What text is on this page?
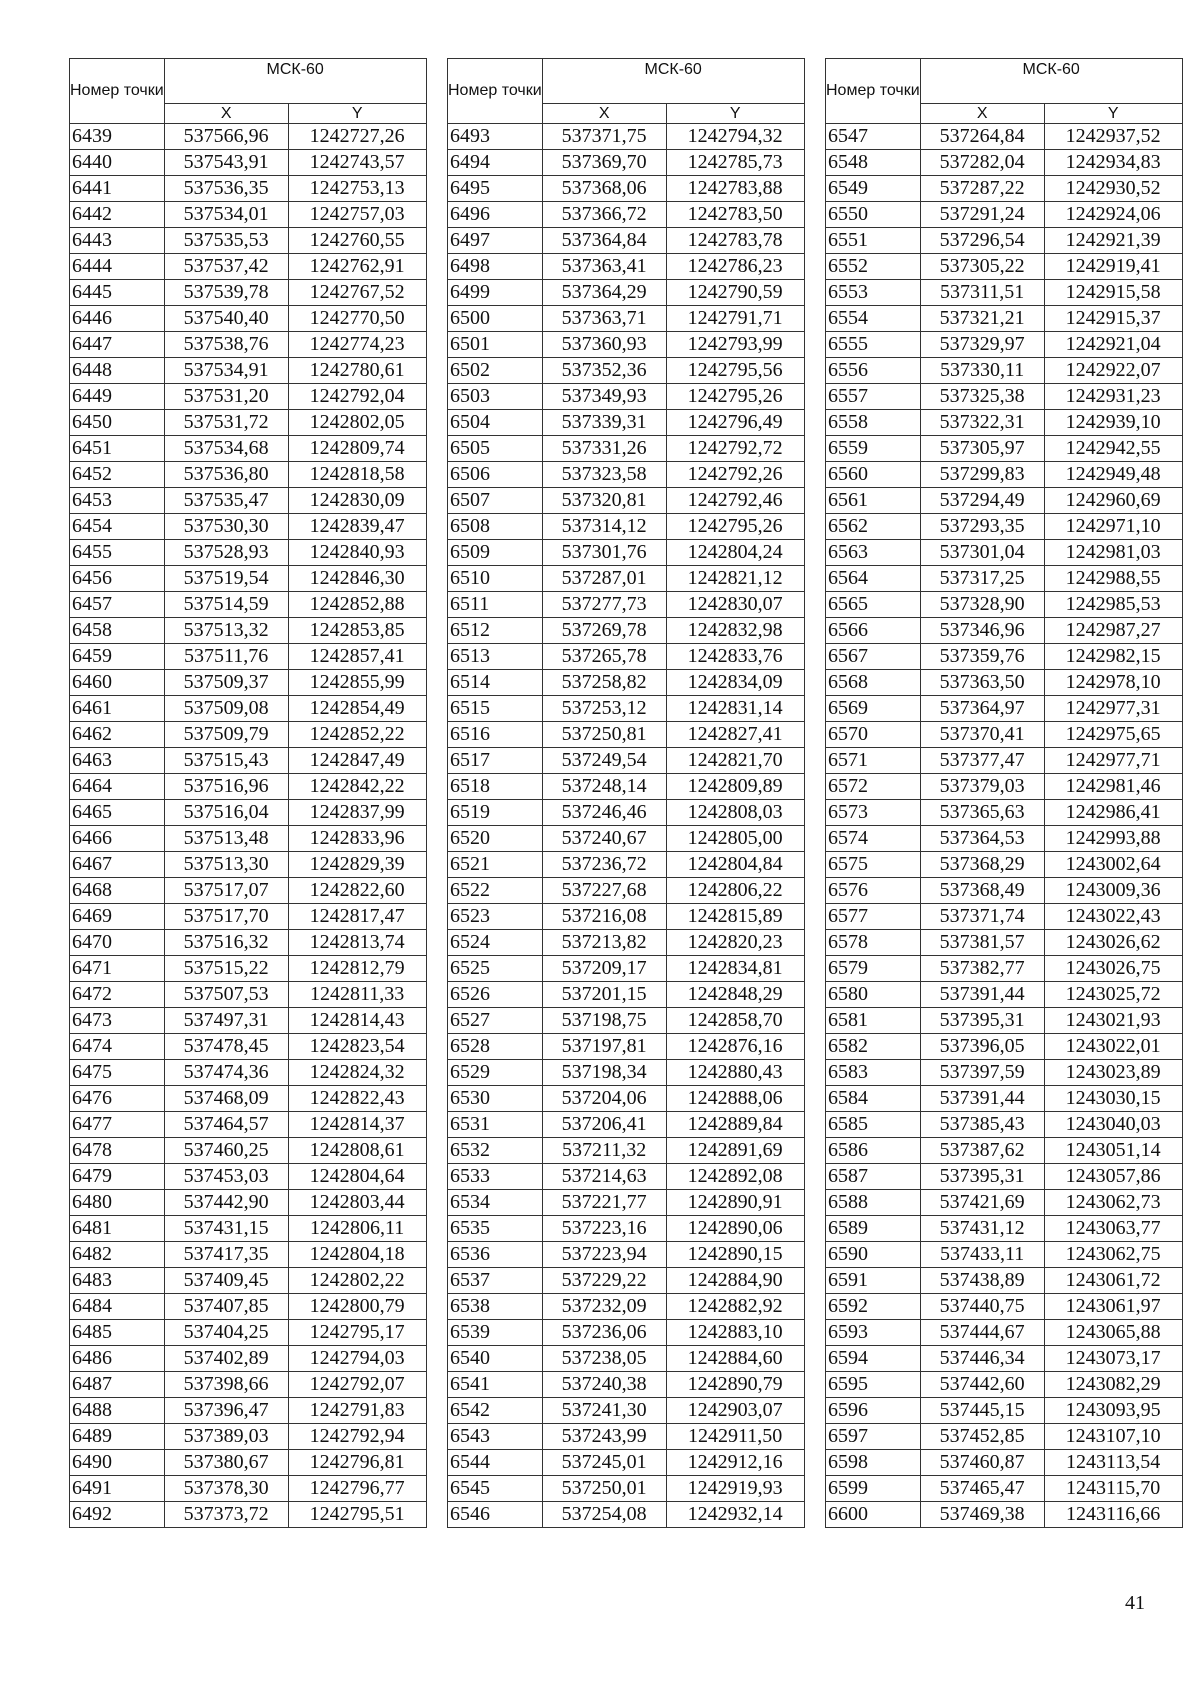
Номер точки	МСК-60	
	X	Y
6439	537566,96	1242727,26
6440	537543,91	1242743,57
6441	537536,35	1242753,13
6442	537534,01	1242757,03
6443	537535,53	1242760,55
6444	537537,42	1242762,91
6445	537539,78	1242767,52
6446	537540,40	1242770,50
6447	537538,76	1242774,23
6448	537534,91	1242780,61
6449	537531,20	1242792,04
6450	537531,72	1242802,05
6451	537534,68	1242809,74
6452	537536,80	1242818,58
6453	537535,47	1242830,09
6454	537530,30	1242839,47
6455	537528,93	1242840,93
6456	537519,54	1242846,30
6457	537514,59	1242852,88
6458	537513,32	1242853,85
6459	537511,76	1242857,41
6460	537509,37	1242855,99
6461	537509,08	1242854,49
6462	537509,79	1242852,22
6463	537515,43	1242847,49
6464	537516,96	1242842,22
6465	537516,04	1242837,99
6466	537513,48	1242833,96
6467	537513,30	1242829,39
6468	537517,07	1242822,60
6469	537517,70	1242817,47
6470	537516,32	1242813,74
6471	537515,22	1242812,79
6472	537507,53	1242811,33
6473	537497,31	1242814,43
6474	537478,45	1242823,54
6475	537474,36	1242824,32
6476	537468,09	1242822,43
6477	537464,57	1242814,37
6478	537460,25	1242808,61
6479	537453,03	1242804,64
6480	537442,90	1242803,44
6481	537431,15	1242806,11
6482	537417,35	1242804,18
6483	537409,45	1242802,22
6484	537407,85	1242800,79
6485	537404,25	1242795,17
6486	537402,89	1242794,03
6487	537398,66	1242792,07
6488	537396,47	1242791,83
6489	537389,03	1242792,94
6490	537380,67	1242796,81
6491	537378,30	1242796,77
6492	537373,72	1242795,51
Номер точки	МСК-60	
	X	Y
6493	537371,75	1242794,32
6494	537369,70	1242785,73
6495	537368,06	1242783,88
6496	537366,72	1242783,50
6497	537364,84	1242783,78
6498	537363,41	1242786,23
6499	537364,29	1242790,59
6500	537363,71	1242791,71
6501	537360,93	1242793,99
6502	537352,36	1242795,56
6503	537349,93	1242795,26
6504	537339,31	1242796,49
6505	537331,26	1242792,72
6506	537323,58	1242792,26
6507	537320,81	1242792,46
6508	537314,12	1242795,26
6509	537301,76	1242804,24
6510	537287,01	1242821,12
6511	537277,73	1242830,07
6512	537269,78	1242832,98
6513	537265,78	1242833,76
6514	537258,82	1242834,09
6515	537253,12	1242831,14
6516	537250,81	1242827,41
6517	537249,54	1242821,70
6518	537248,14	1242809,89
6519	537246,46	1242808,03
6520	537240,67	1242805,00
6521	537236,72	1242804,84
6522	537227,68	1242806,22
6523	537216,08	1242815,89
6524	537213,82	1242820,23
6525	537209,17	1242834,81
6526	537201,15	1242848,29
6527	537198,75	1242858,70
6528	537197,81	1242876,16
6529	537198,34	1242880,43
6530	537204,06	1242888,06
6531	537206,41	1242889,84
6532	537211,32	1242891,69
6533	537214,63	1242892,08
6534	537221,77	1242890,91
6535	537223,16	1242890,06
6536	537223,94	1242890,15
6537	537229,22	1242884,90
6538	537232,09	1242882,92
6539	537236,06	1242883,10
6540	537238,05	1242884,60
6541	537240,38	1242890,79
6542	537241,30	1242903,07
6543	537243,99	1242911,50
6544	537245,01	1242912,16
6545	537250,01	1242919,93
6546	537254,08	1242932,14
Номер точки	МСК-60	
	X	Y
6547	537264,84	1242937,52
6548	537282,04	1242934,83
6549	537287,22	1242930,52
6550	537291,24	1242924,06
6551	537296,54	1242921,39
6552	537305,22	1242919,41
6553	537311,51	1242915,58
6554	537321,21	1242915,37
6555	537329,97	1242921,04
6556	537330,11	1242922,07
6557	537325,38	1242931,23
6558	537322,31	1242939,10
6559	537305,97	1242942,55
6560	537299,83	1242949,48
6561	537294,49	1242960,69
6562	537293,35	1242971,10
6563	537301,04	1242981,03
6564	537317,25	1242988,55
6565	537328,90	1242985,53
6566	537346,96	1242987,27
6567	537359,76	1242982,15
6568	537363,50	1242978,10
6569	537364,97	1242977,31
6570	537370,41	1242975,65
6571	537377,47	1242977,71
6572	537379,03	1242981,46
6573	537365,63	1242986,41
6574	537364,53	1242993,88
6575	537368,29	1243002,64
6576	537368,49	1243009,36
6577	537371,74	1243022,43
6578	537381,57	1243026,62
6579	537382,77	1243026,75
6580	537391,44	1243025,72
6581	537395,31	1243021,93
6582	537396,05	1243022,01
6583	537397,59	1243023,89
6584	537391,44	1243030,15
6585	537385,43	1243040,03
6586	537387,62	1243051,14
6587	537395,31	1243057,86
6588	537421,69	1243062,73
6589	537431,12	1243063,77
6590	537433,11	1243062,75
6591	537438,89	1243061,72
6592	537440,75	1243061,97
6593	537444,67	1243065,88
6594	537446,34	1243073,17
6595	537442,60	1243082,29
6596	537445,15	1243093,95
6597	537452,85	1243107,10
6598	537460,87	1243113,54
6599	537465,47	1243115,70
6600	537469,38	1243116,66
41
